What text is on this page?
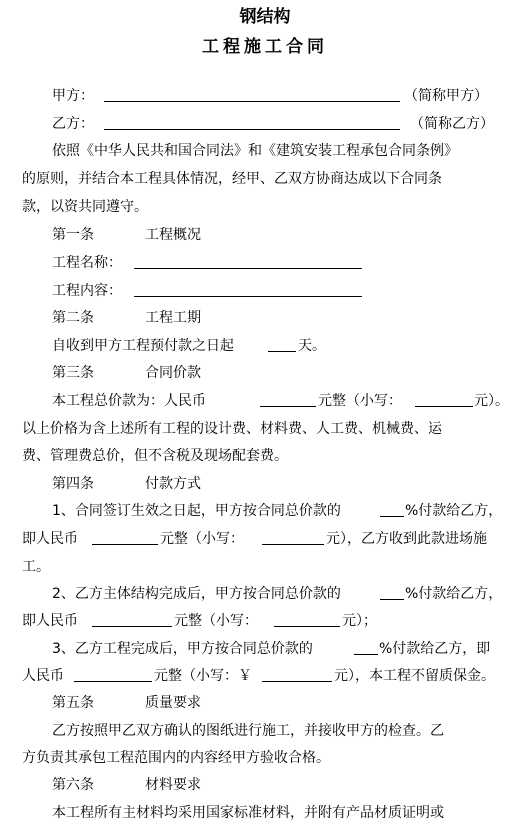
钢结构
工程施工合同
甲方：	（简称甲方）
乙方：	（简称乙方）
依照《中华人民共和国合同法》和《建筑安装工程承包合同条例》
的原则，并结合本工程具体情况，经甲、乙双方协商达成以下合同条
款，以资共同遵守。
第一条	工程概况
工程名称：
工程内容：
第二条	工程工期
自收到甲方工程预付款之日起	天。
第三条	合同价款
本工程总价款为：人民币	元整（小写：	元）。
以上价格为含上述所有工程的设计费、材料费、人工费、机械费、运
费、管理费总价，但不含税及现场配套费。
第四条	付款方式
1、合同签订生效之日起，甲方按合同总价款的	%付款给乙方，
即人民币	元整（小写：	元），乙方收到此款进场施
工。
2、乙方主体结构完成后，甲方按合同总价款的	%付款给乙方，
即人民币	元整（小写：	元）；
3、乙方工程完成后，甲方按合同总价款的	%付款给乙方，即
人民币	元整（小写：￥	元），本工程不留质保金。
第五条	质量要求
乙方按照甲乙双方确认的图纸进行施工，并接收甲方的检查。乙
方负责其承包工程范围内的内容经甲方验收合格。
第六条	材料要求
本工程所有主材料均采用国家标准材料，并附有产品材质证明或
